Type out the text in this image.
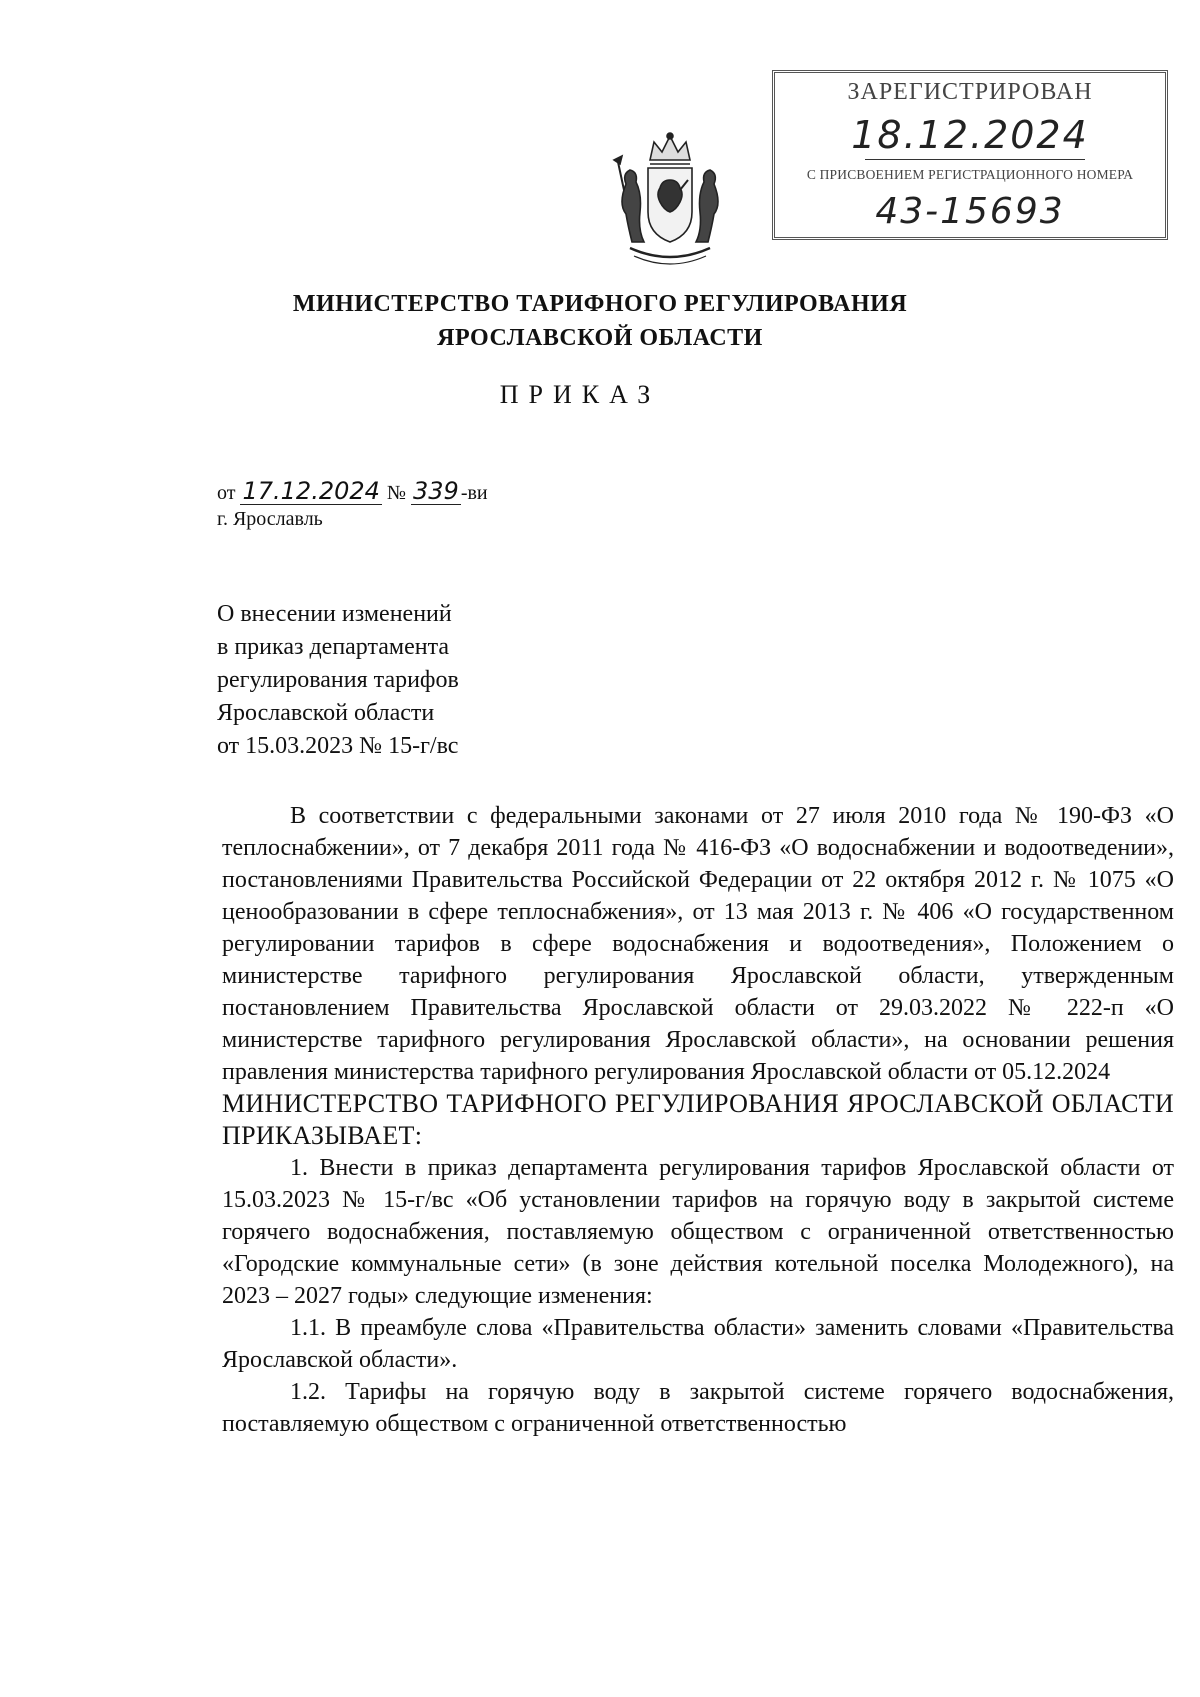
ЗАРЕГИСТРИРОВАН
18.12.2024
С ПРИСВОЕНИЕМ РЕГИСТРАЦИОННОГО НОМЕРА
43-15693
МИНИСТЕРСТВО ТАРИФНОГО РЕГУЛИРОВАНИЯ
ЯРОСЛАВСКОЙ ОБЛАСТИ
ПРИКАЗ
от 17.12.2024 № 339 -ви
г. Ярославль
О внесении изменений
в приказ департамента
регулирования тарифов
Ярославской области
от 15.03.2023 № 15-г/вс

В соответствии с федеральными законами от 27 июля 2010 года № 190-ФЗ «О теплоснабжении», от 7 декабря 2011 года № 416-ФЗ «О водоснабжении и водоотведении», постановлениями Правительства Российской Федерации от 22 октября 2012 г. № 1075 «О ценообразовании в сфере теплоснабжения», от 13 мая 2013 г. № 406 «О государственном регулировании тарифов в сфере водоснабжения и водоотведения», Положением о министерстве тарифного регулирования Ярославской области, утвержденным постановлением Правительства Ярославской области от 29.03.2022 № 222-п «О министерстве тарифного регулирования Ярославской области», на основании решения правления министерства тарифного регулирования Ярославской области от 05.12.2024

МИНИСТЕРСТВО ТАРИФНОГО РЕГУЛИРОВАНИЯ ЯРОСЛАВСКОЙ ОБЛАСТИ ПРИКАЗЫВАЕТ:

1. Внести в приказ департамента регулирования тарифов Ярославской области от 15.03.2023 № 15-г/вс «Об установлении тарифов на горячую воду в закрытой системе горячего водоснабжения, поставляемую обществом с ограниченной ответственностью «Городские коммунальные сети» (в зоне действия котельной поселка Молодежного), на 2023 – 2027 годы» следующие изменения:

1.1. В преамбуле слова «Правительства области» заменить словами «Правительства Ярославской области».

1.2. Тарифы на горячую воду в закрытой системе горячего водоснабжения, поставляемую обществом с ограниченной ответственностью
